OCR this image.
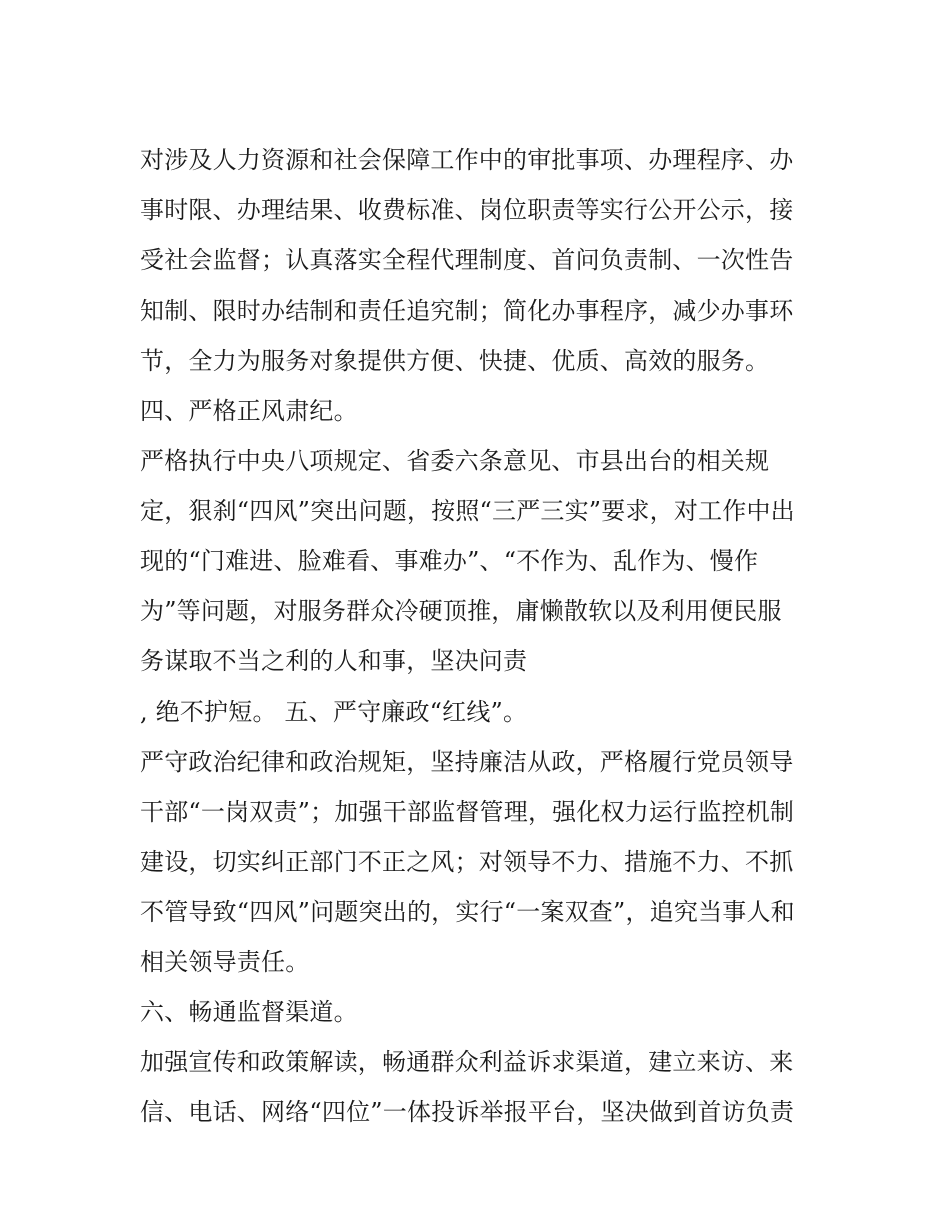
对涉及人力资源和社会保障工作中的审批事项、办理程序、办

事时限、办理结果、收费标准、岗位职责等实行公开公示，接

受社会监督；认真落实全程代理制度、首问负责制、一次性告

知制、限时办结制和责任追究制；简化办事程序，减少办事环

节，全力为服务对象提供方便、快捷、优质、高效的服务。

四、严格正风肃纪。

严格执行中央八项规定、省委六条意见、市县出台的相关规

定，狠刹“四风”突出问题，按照“三严三实”要求，对工作中出

现的“门难进、脸难看、事难办”、“不作为、乱作为、慢作

为”等问题，对服务群众冷硬顶推，庸懒散软以及利用便民服

务谋取不当之利的人和事，坚决问责

, 绝不护短。 五、严守廉政“红线”。

严守政治纪律和政治规矩，坚持廉洁从政，严格履行党员领导

干部“一岗双责”；加强干部监督管理，强化权力运行监控机制

建设，切实纠正部门不正之风；对领导不力、措施不力、不抓

不管导致“四风”问题突出的，实行“一案双查”，追究当事人和

相关领导责任。

六、畅通监督渠道。

加强宣传和政策解读，畅通群众利益诉求渠道，建立来访、来

信、电话、网络“四位”一体投诉举报平台，坚决做到首访负责
